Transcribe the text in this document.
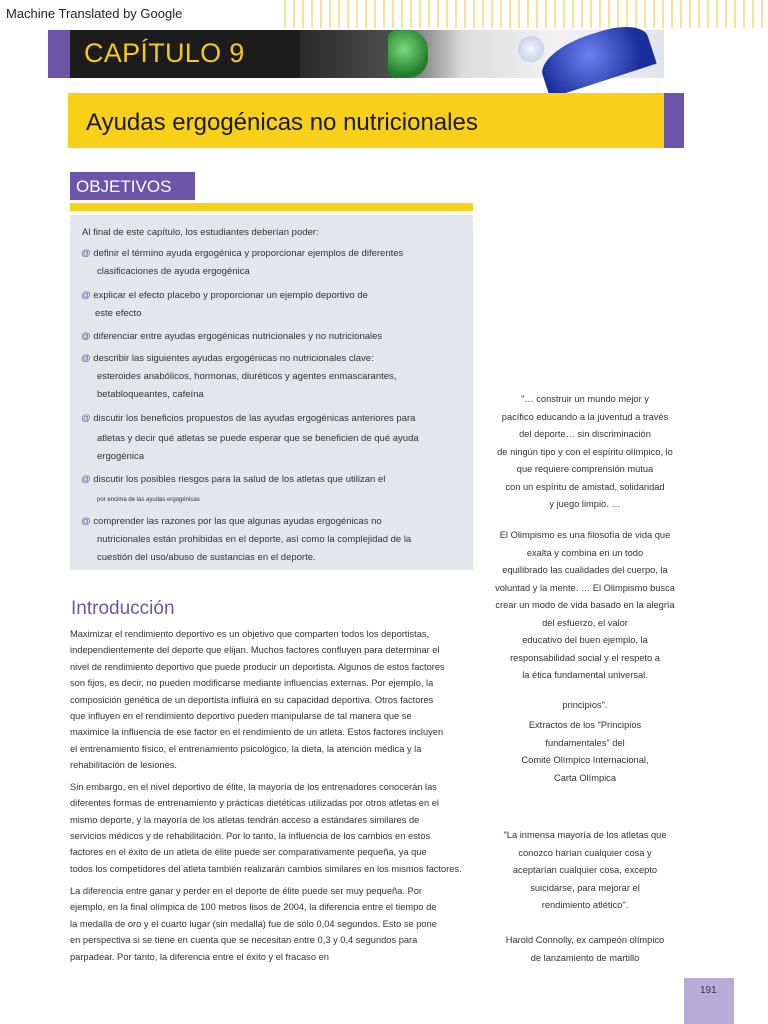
Machine Translated by Google
CAPÍTULO 9
Ayudas ergogénicas no nutricionales
OBJETIVOS
Al final de este capítulo, los estudiantes deberían poder:
@ definir el término ayuda ergogénica y proporcionar ejemplos de diferentes
clasificaciones de ayuda ergogénica
@ explicar el efecto placebo y proporcionar un ejemplo deportivo de
este efecto
@ diferenciar entre ayudas ergogénicas nutricionales y no nutricionales
@ describir las siguientes ayudas ergogénicas no nutricionales clave:
esteroides anabólicos, hormonas, diuréticos y agentes enmascarantes,
betabloqueantes, cafeína
@ discutir los beneficios propuestos de las ayudas ergogénicas anteriores para
atletas y decir qué atletas se puede esperar que se beneficien de qué ayuda
ergogénica
@ discutir los posibles riesgos para la salud de los atletas que utilizan el
por encima de las ayudas ergogénicas
@ comprender las razones por las que algunas ayudas ergogénicas no
nutricionales están prohibidas en el deporte, así como la complejidad de la
cuestión del uso/abuso de sustancias en el deporte.
Introducción
Maximizar el rendimiento deportivo es un objetivo que comparten todos los deportistas,
independientemente del deporte que elijan. Muchos factores confluyen para determinar el
nivel de rendimiento deportivo que puede producir un deportista. Algunos de estos factores
son fijos, es decir, no pueden modificarse mediante influencias externas. Por ejemplo, la
composición genética de un deportista influirá en su capacidad deportiva. Otros factores
que influyen en el rendimiento deportivo pueden manipularse de tal manera que se
maximice la influencia de ese factor en el rendimiento de un atleta. Estos factores incluyen
el entrenamiento físico, el entrenamiento psicológico, la dieta, la atención médica y la
rehabilitación de lesiones.
Sin embargo, en el nivel deportivo de élite, la mayoría de los entrenadores conocerán las
diferentes formas de entrenamiento y prácticas dietéticas utilizadas por otros atletas en el
mismo deporte, y la mayoría de los atletas tendrán acceso a estándares similares de
servicios médicos y de rehabilitación. Por lo tanto, la influencia de los cambios en estos
factores en el éxito de un atleta de élite puede ser comparativamente pequeña, ya que
todos los competidores del atleta también realizarán cambios similares en los mismos factores.
La diferencia entre ganar y perder en el deporte de élite puede ser muy pequeña. Por
ejemplo, en la final olímpica de 100 metros lisos de 2004, la diferencia entre el tiempo de
la medalla de oro y el cuarto lugar (sin medalla) fue de sólo 0,04 segundos. Esto se pone
en perspectiva si se tiene en cuenta que se necesitan entre 0,3 y 0,4 segundos para
parpadear. Por tanto, la diferencia entre el éxito y el fracaso en
"… construir un mundo mejor y
pacífico educando a la juventud a través
del deporte… sin discriminación
de ningún tipo y con el espíritu olímpico, lo
que requiere comprensión mutua
con un espíritu de amistad, solidaridad
y juego limpio. …
El Olimpismo es una filosofía de vida que
exalta y combina en un todo
equilibrado las cualidades del cuerpo, la
voluntad y la mente. … El Olimpismo busca
crear un modo de vida basado en la alegría
del esfuerzo, el valor
educativo del buen ejemplo, la
responsabilidad social y el respeto a
la ética fundamental universal.
principios".
Extractos de los "Principios
fundamentales" del
Comité Olímpico Internacional,
Carta Olímpica
"La inmensa mayoría de los atletas que
conozco harían cualquier cosa y
aceptarían cualquier cosa, excepto
suicidarse, para mejorar el
rendimiento atlético".
Harold Connolly, ex campeón olímpico
de lanzamiento de martillo
191
